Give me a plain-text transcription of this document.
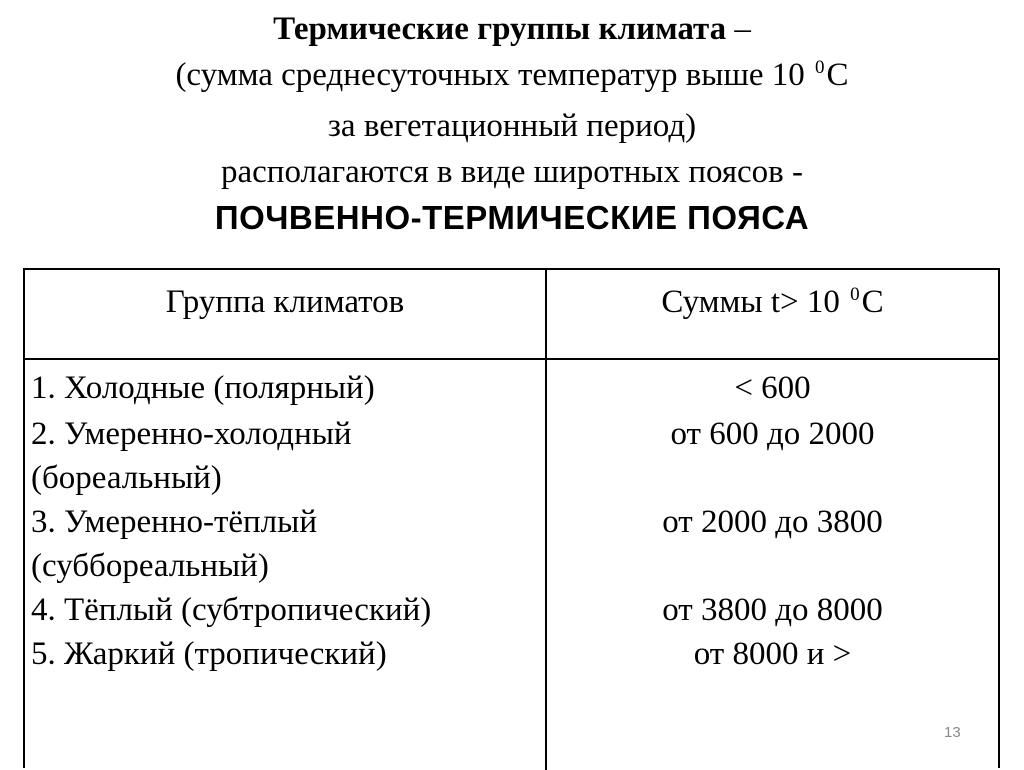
Термические группы климата –
(сумма среднесуточных температур выше 10 $^0$С
за вегетационный период)
располагаются в виде широтных поясов -
ПОЧВЕННО-ТЕРМИЧЕСКИЕ ПОЯСА
Группа климатов	Суммы t> 10 $^0$С
1. Холодные (полярный)
2. Умеренно-холодный
(бореальный)
3. Умеренно-тёплый
(суббореальный)
4. Тёплый (субтропический)
5. Жаркий (тропический)
< 600
от 600 до 2000
от 2000 до 3800
от 3800 до 8000
от 8000 и >
13
